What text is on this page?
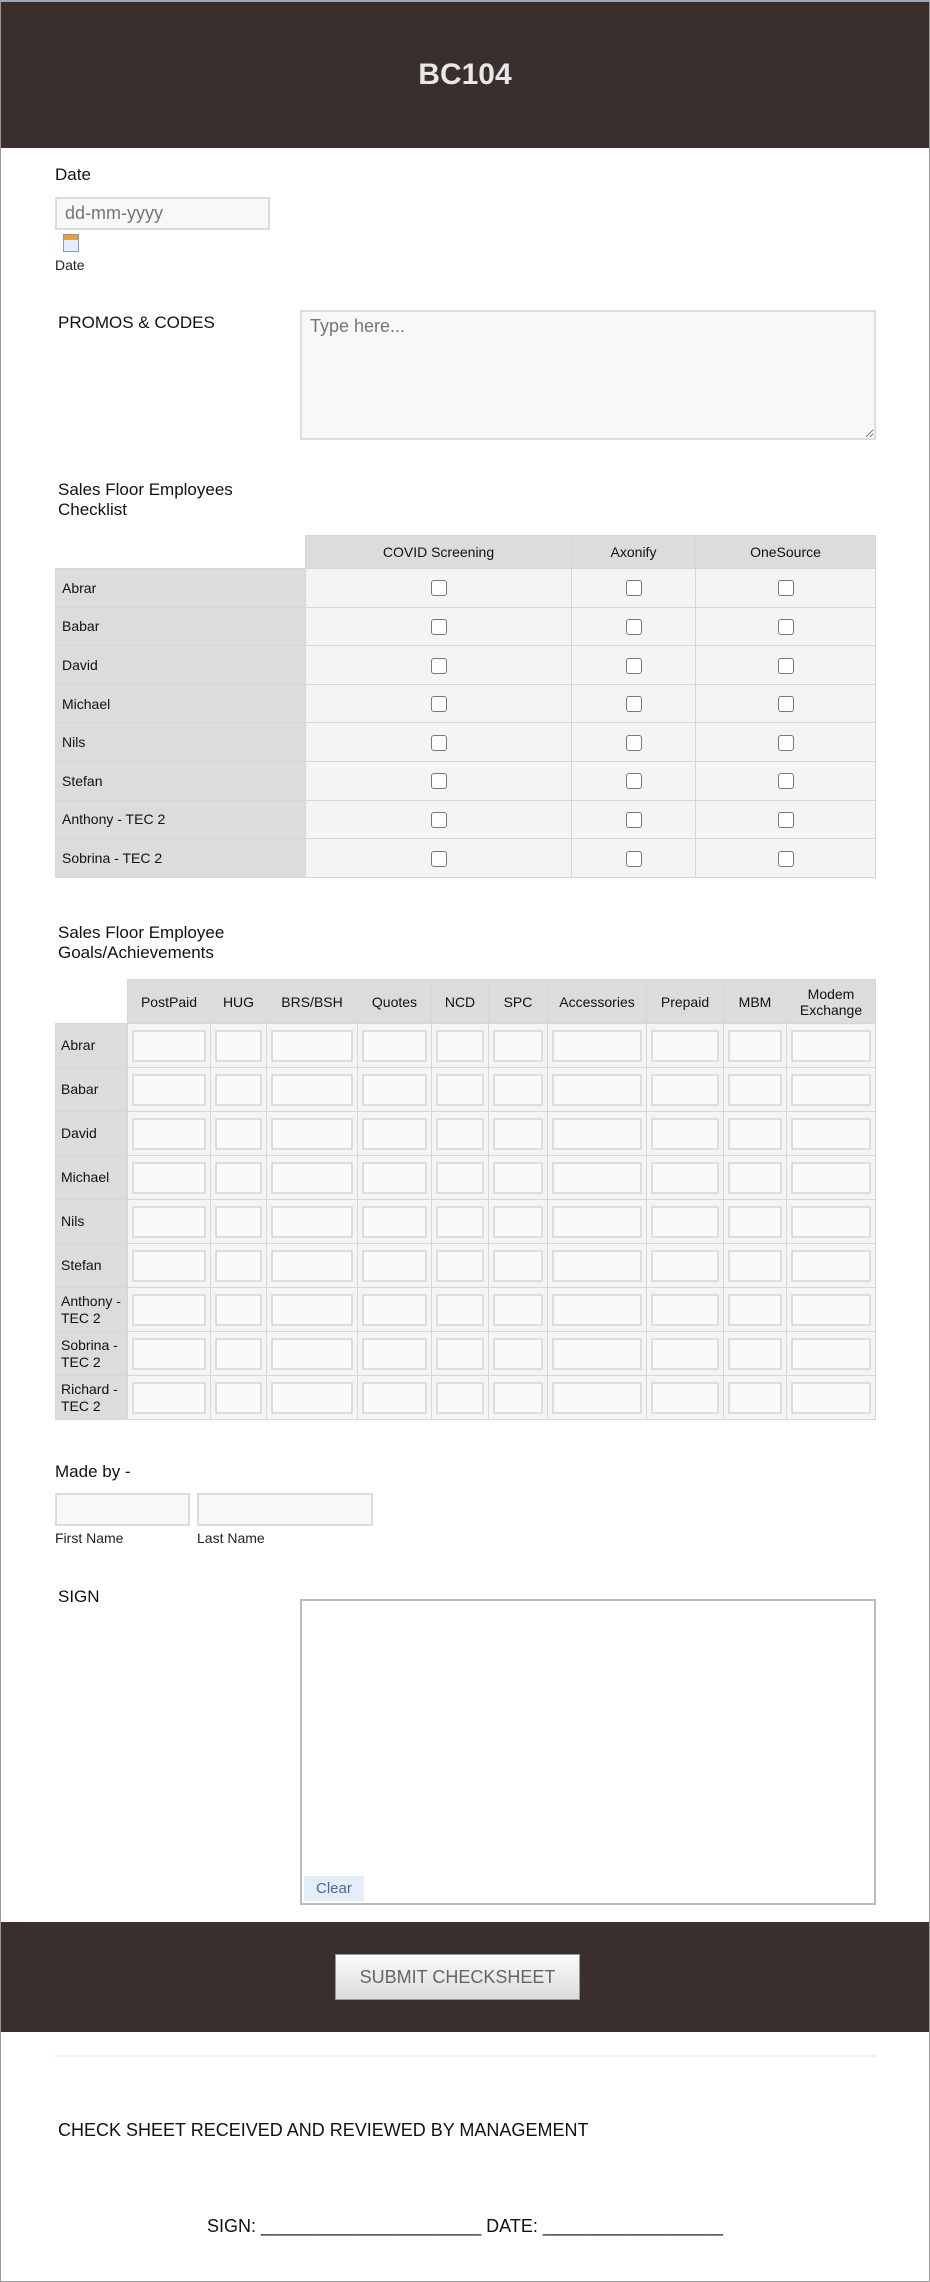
BC104
Date
dd-mm-yyyy
Date
PROMOS & CODES
Type here...
Sales Floor Employees Checklist
	COVID Screening	Axonify	OneSource
Abrar			
Babar			
David			
Michael			
Nils			
Stefan			
Anthony - TEC 2			
Sobrina - TEC 2			
Sales Floor Employee Goals/Achievements
	PostPaid	HUG	BRS/BSH	Quotes	NCD	SPC	Accessories	Prepaid	MBM	Modem Exchange
Abrar	

Babar	

David	

Michael	

Nils	

Stefan	

Anthony - TEC 2	

Sobrina - TEC 2	

Richard - TEC 2	

Made by -
First Name	Last Name
SIGN
Clear
SUBMIT CHECKSHEET
CHECK SHEET RECEIVED AND REVIEWED BY MANAGEMENT
SIGN: ______________________ DATE: __________________
